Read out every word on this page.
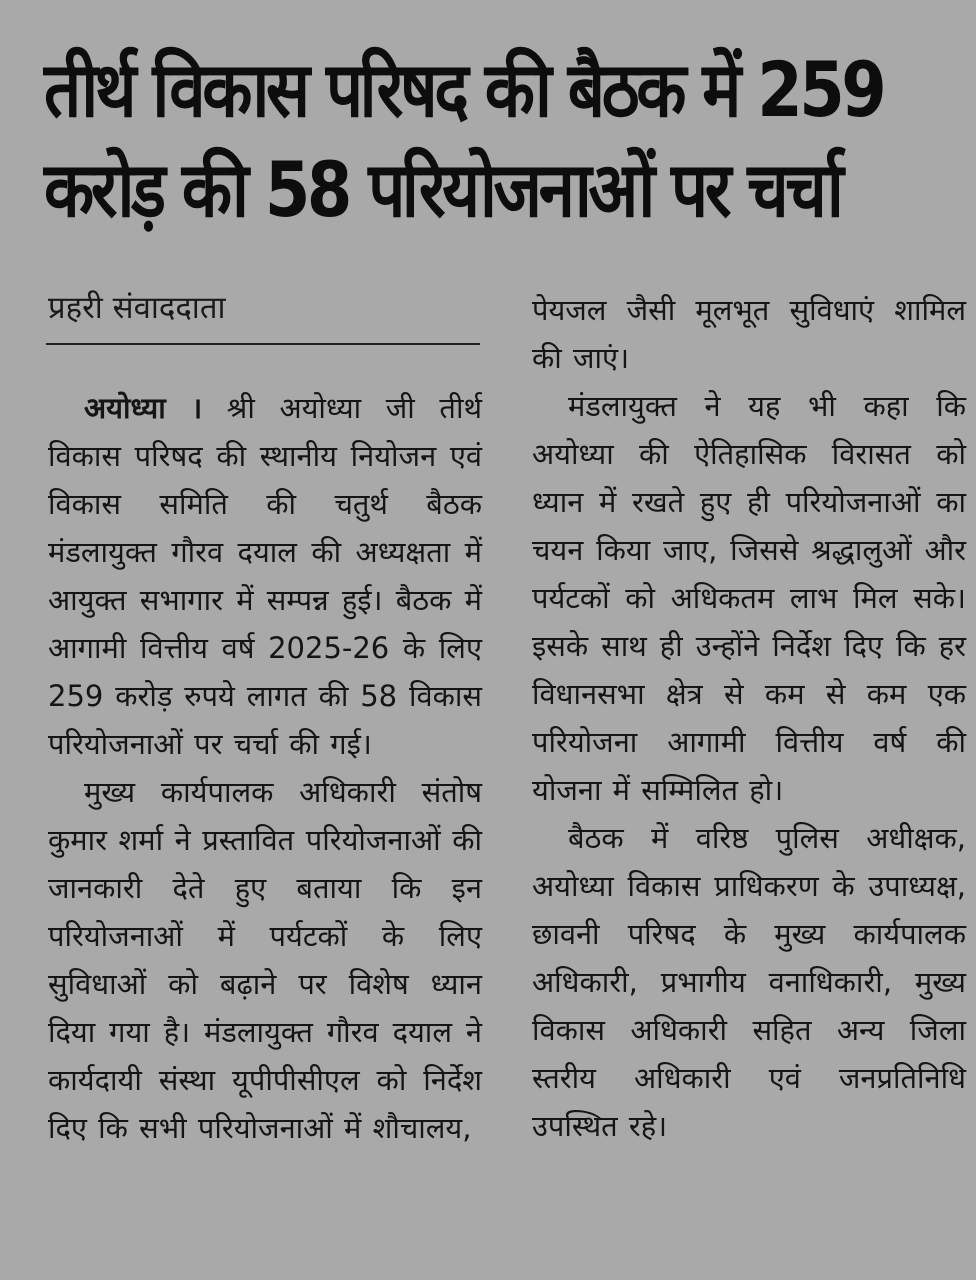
तीर्थ विकास परिषद की बैठक में 259
करोड़ की 58 परियोजनाओं पर चर्चा
प्रहरी संवाददाता

अयोध्या । श्री अयोध्या जी तीर्थ विकास परिषद की स्थानीय नियोजन एवं विकास समिति की चतुर्थ बैठक मंडलायुक्त गौरव दयाल की अध्यक्षता में आयुक्त सभागार में सम्पन्न हुई। बैठक में आगामी वित्तीय वर्ष 2025-26 के लिए 259 करोड़ रुपये लागत की 58 विकास परियोजनाओं पर चर्चा की गई।

मुख्य कार्यपालक अधिकारी संतोष कुमार शर्मा ने प्रस्तावित परियोजनाओं की जानकारी देते हुए बताया कि इन परियोजनाओं में पर्यटकों के लिए सुविधाओं को बढ़ाने पर विशेष ध्यान दिया गया है। मंडलायुक्त गौरव दयाल ने कार्यदायी संस्था यूपीपीसीएल को निर्देश दिए कि सभी परियोजनाओं में शौचालय,

पेयजल जैसी मूलभूत सुविधाएं शामिल की जाएं।

मंडलायुक्त ने यह भी कहा कि अयोध्या की ऐतिहासिक विरासत को ध्यान में रखते हुए ही परियोजनाओं का चयन किया जाए, जिससे श्रद्धालुओं और पर्यटकों को अधिकतम लाभ मिल सके। इसके साथ ही उन्होंने निर्देश दिए कि हर विधानसभा क्षेत्र से कम से कम एक परियोजना आगामी वित्तीय वर्ष की योजना में सम्मिलित हो।

बैठक में वरिष्ठ पुलिस अधीक्षक, अयोध्या विकास प्राधिकरण के उपाध्यक्ष, छावनी परिषद के मुख्य कार्यपालक अधिकारी, प्रभागीय वनाधिकारी, मुख्य विकास अधिकारी सहित अन्य जिला स्तरीय अधिकारी एवं जनप्रतिनिधि उपस्थित रहे।
